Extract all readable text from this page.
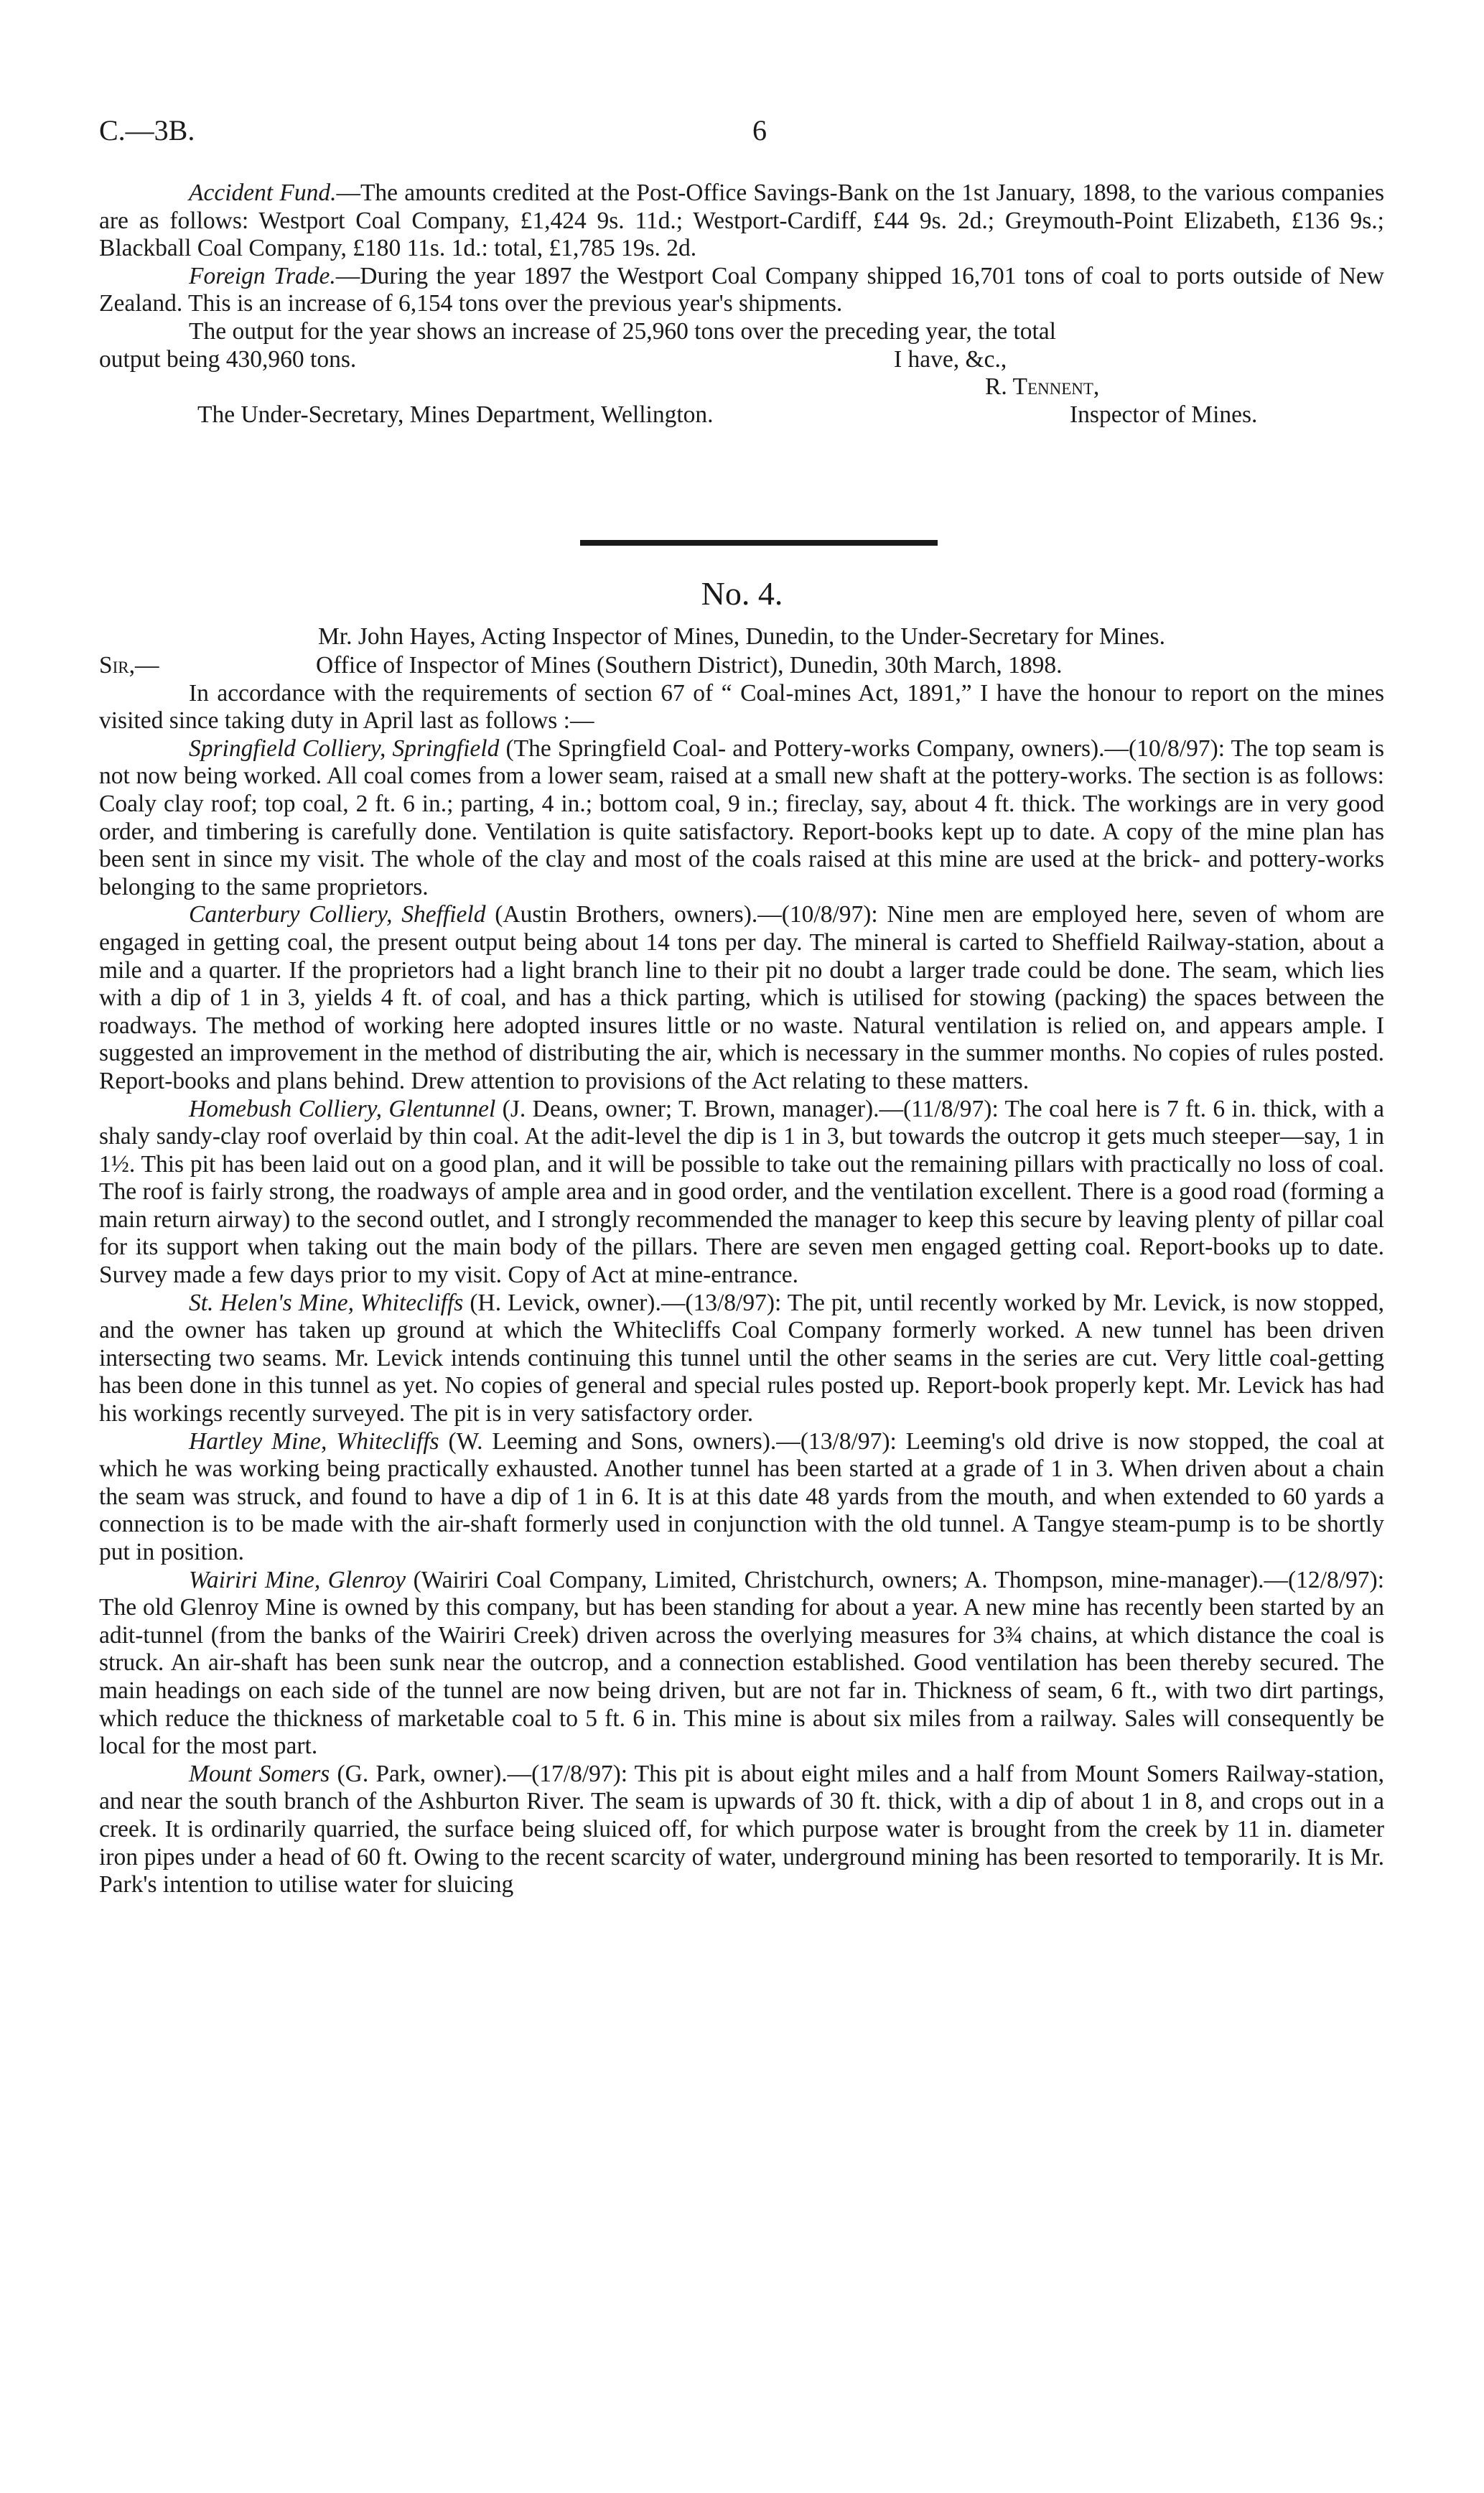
C.—3B.	6

Accident Fund.—The amounts credited at the Post-Office Savings-Bank on the 1st January, 1898, to the various companies are as follows: Westport Coal Company, £1,424 9s. 11d.; Westport-Cardiff, £44 9s. 2d.; Greymouth-Point Elizabeth, £136 9s.; Blackball Coal Company, £180 11s. 1d.: total, £1,785 19s. 2d.

Foreign Trade.—During the year 1897 the Westport Coal Company shipped 16,701 tons of coal to ports outside of New Zealand. This is an increase of 6,154 tons over the previous year's shipments.

The output for the year shows an increase of 25,960 tons over the preceding year, the total

output being 430,960 tons.	I have, &c.,
R. Tennent,
The Under-Secretary, Mines Department, Wellington.	Inspector of Mines.
No. 4.
Mr. John Hayes, Acting Inspector of Mines, Dunedin, to the Under-Secretary for Mines.
Sir,—	Office of Inspector of Mines (Southern District), Dunedin, 30th March, 1898.

In accordance with the requirements of section 67 of “ Coal-mines Act, 1891,” I have the honour to report on the mines visited since taking duty in April last as follows :—

Springfield Colliery, Springfield (The Springfield Coal- and Pottery-works Company, owners).—(10/8/97): The top seam is not now being worked. All coal comes from a lower seam, raised at a small new shaft at the pottery-works. The section is as follows: Coaly clay roof; top coal, 2 ft. 6 in.; parting, 4 in.; bottom coal, 9 in.; fireclay, say, about 4 ft. thick. The workings are in very good order, and timbering is carefully done. Ventilation is quite satisfactory. Report-books kept up to date. A copy of the mine plan has been sent in since my visit. The whole of the clay and most of the coals raised at this mine are used at the brick- and pottery-works belonging to the same proprietors.

Canterbury Colliery, Sheffield (Austin Brothers, owners).—(10/8/97): Nine men are employed here, seven of whom are engaged in getting coal, the present output being about 14 tons per day. The mineral is carted to Sheffield Railway-station, about a mile and a quarter. If the proprietors had a light branch line to their pit no doubt a larger trade could be done. The seam, which lies with a dip of 1 in 3, yields 4 ft. of coal, and has a thick parting, which is utilised for stowing (packing) the spaces between the roadways. The method of working here adopted insures little or no waste. Natural ventilation is relied on, and appears ample. I suggested an improvement in the method of distributing the air, which is necessary in the summer months. No copies of rules posted. Report-books and plans behind. Drew attention to provisions of the Act relating to these matters.

Homebush Colliery, Glentunnel (J. Deans, owner; T. Brown, manager).—(11/8/97): The coal here is 7 ft. 6 in. thick, with a shaly sandy-clay roof overlaid by thin coal. At the adit-level the dip is 1 in 3, but towards the outcrop it gets much steeper—say, 1 in 1½. This pit has been laid out on a good plan, and it will be possible to take out the remaining pillars with practically no loss of coal. The roof is fairly strong, the roadways of ample area and in good order, and the ventilation excellent. There is a good road (forming a main return airway) to the second outlet, and I strongly recommended the manager to keep this secure by leaving plenty of pillar coal for its support when taking out the main body of the pillars. There are seven men engaged getting coal. Report-books up to date. Survey made a few days prior to my visit. Copy of Act at mine-entrance.

St. Helen's Mine, Whitecliffs (H. Levick, owner).—(13/8/97): The pit, until recently worked by Mr. Levick, is now stopped, and the owner has taken up ground at which the Whitecliffs Coal Company formerly worked. A new tunnel has been driven intersecting two seams. Mr. Levick intends continuing this tunnel until the other seams in the series are cut. Very little coal-getting has been done in this tunnel as yet. No copies of general and special rules posted up. Report-book properly kept. Mr. Levick has had his workings recently surveyed. The pit is in very satisfactory order.

Hartley Mine, Whitecliffs (W. Leeming and Sons, owners).—(13/8/97): Leeming's old drive is now stopped, the coal at which he was working being practically exhausted. Another tunnel has been started at a grade of 1 in 3. When driven about a chain the seam was struck, and found to have a dip of 1 in 6. It is at this date 48 yards from the mouth, and when extended to 60 yards a connection is to be made with the air-shaft formerly used in conjunction with the old tunnel. A Tangye steam-pump is to be shortly put in position.

Wairiri Mine, Glenroy (Wairiri Coal Company, Limited, Christchurch, owners; A. Thompson, mine-manager).—(12/8/97): The old Glenroy Mine is owned by this company, but has been standing for about a year. A new mine has recently been started by an adit-tunnel (from the banks of the Wairiri Creek) driven across the overlying measures for 3¾ chains, at which distance the coal is struck. An air-shaft has been sunk near the outcrop, and a connection established. Good ventilation has been thereby secured. The main headings on each side of the tunnel are now being driven, but are not far in. Thickness of seam, 6 ft., with two dirt partings, which reduce the thickness of marketable coal to 5 ft. 6 in. This mine is about six miles from a railway. Sales will consequently be local for the most part.

Mount Somers (G. Park, owner).—(17/8/97): This pit is about eight miles and a half from Mount Somers Railway-station, and near the south branch of the Ashburton River. The seam is upwards of 30 ft. thick, with a dip of about 1 in 8, and crops out in a creek. It is ordinarily quarried, the surface being sluiced off, for which purpose water is brought from the creek by 11 in. diameter iron pipes under a head of 60 ft. Owing to the recent scarcity of water, underground mining has been resorted to temporarily. It is Mr. Park's intention to utilise water for sluicing
